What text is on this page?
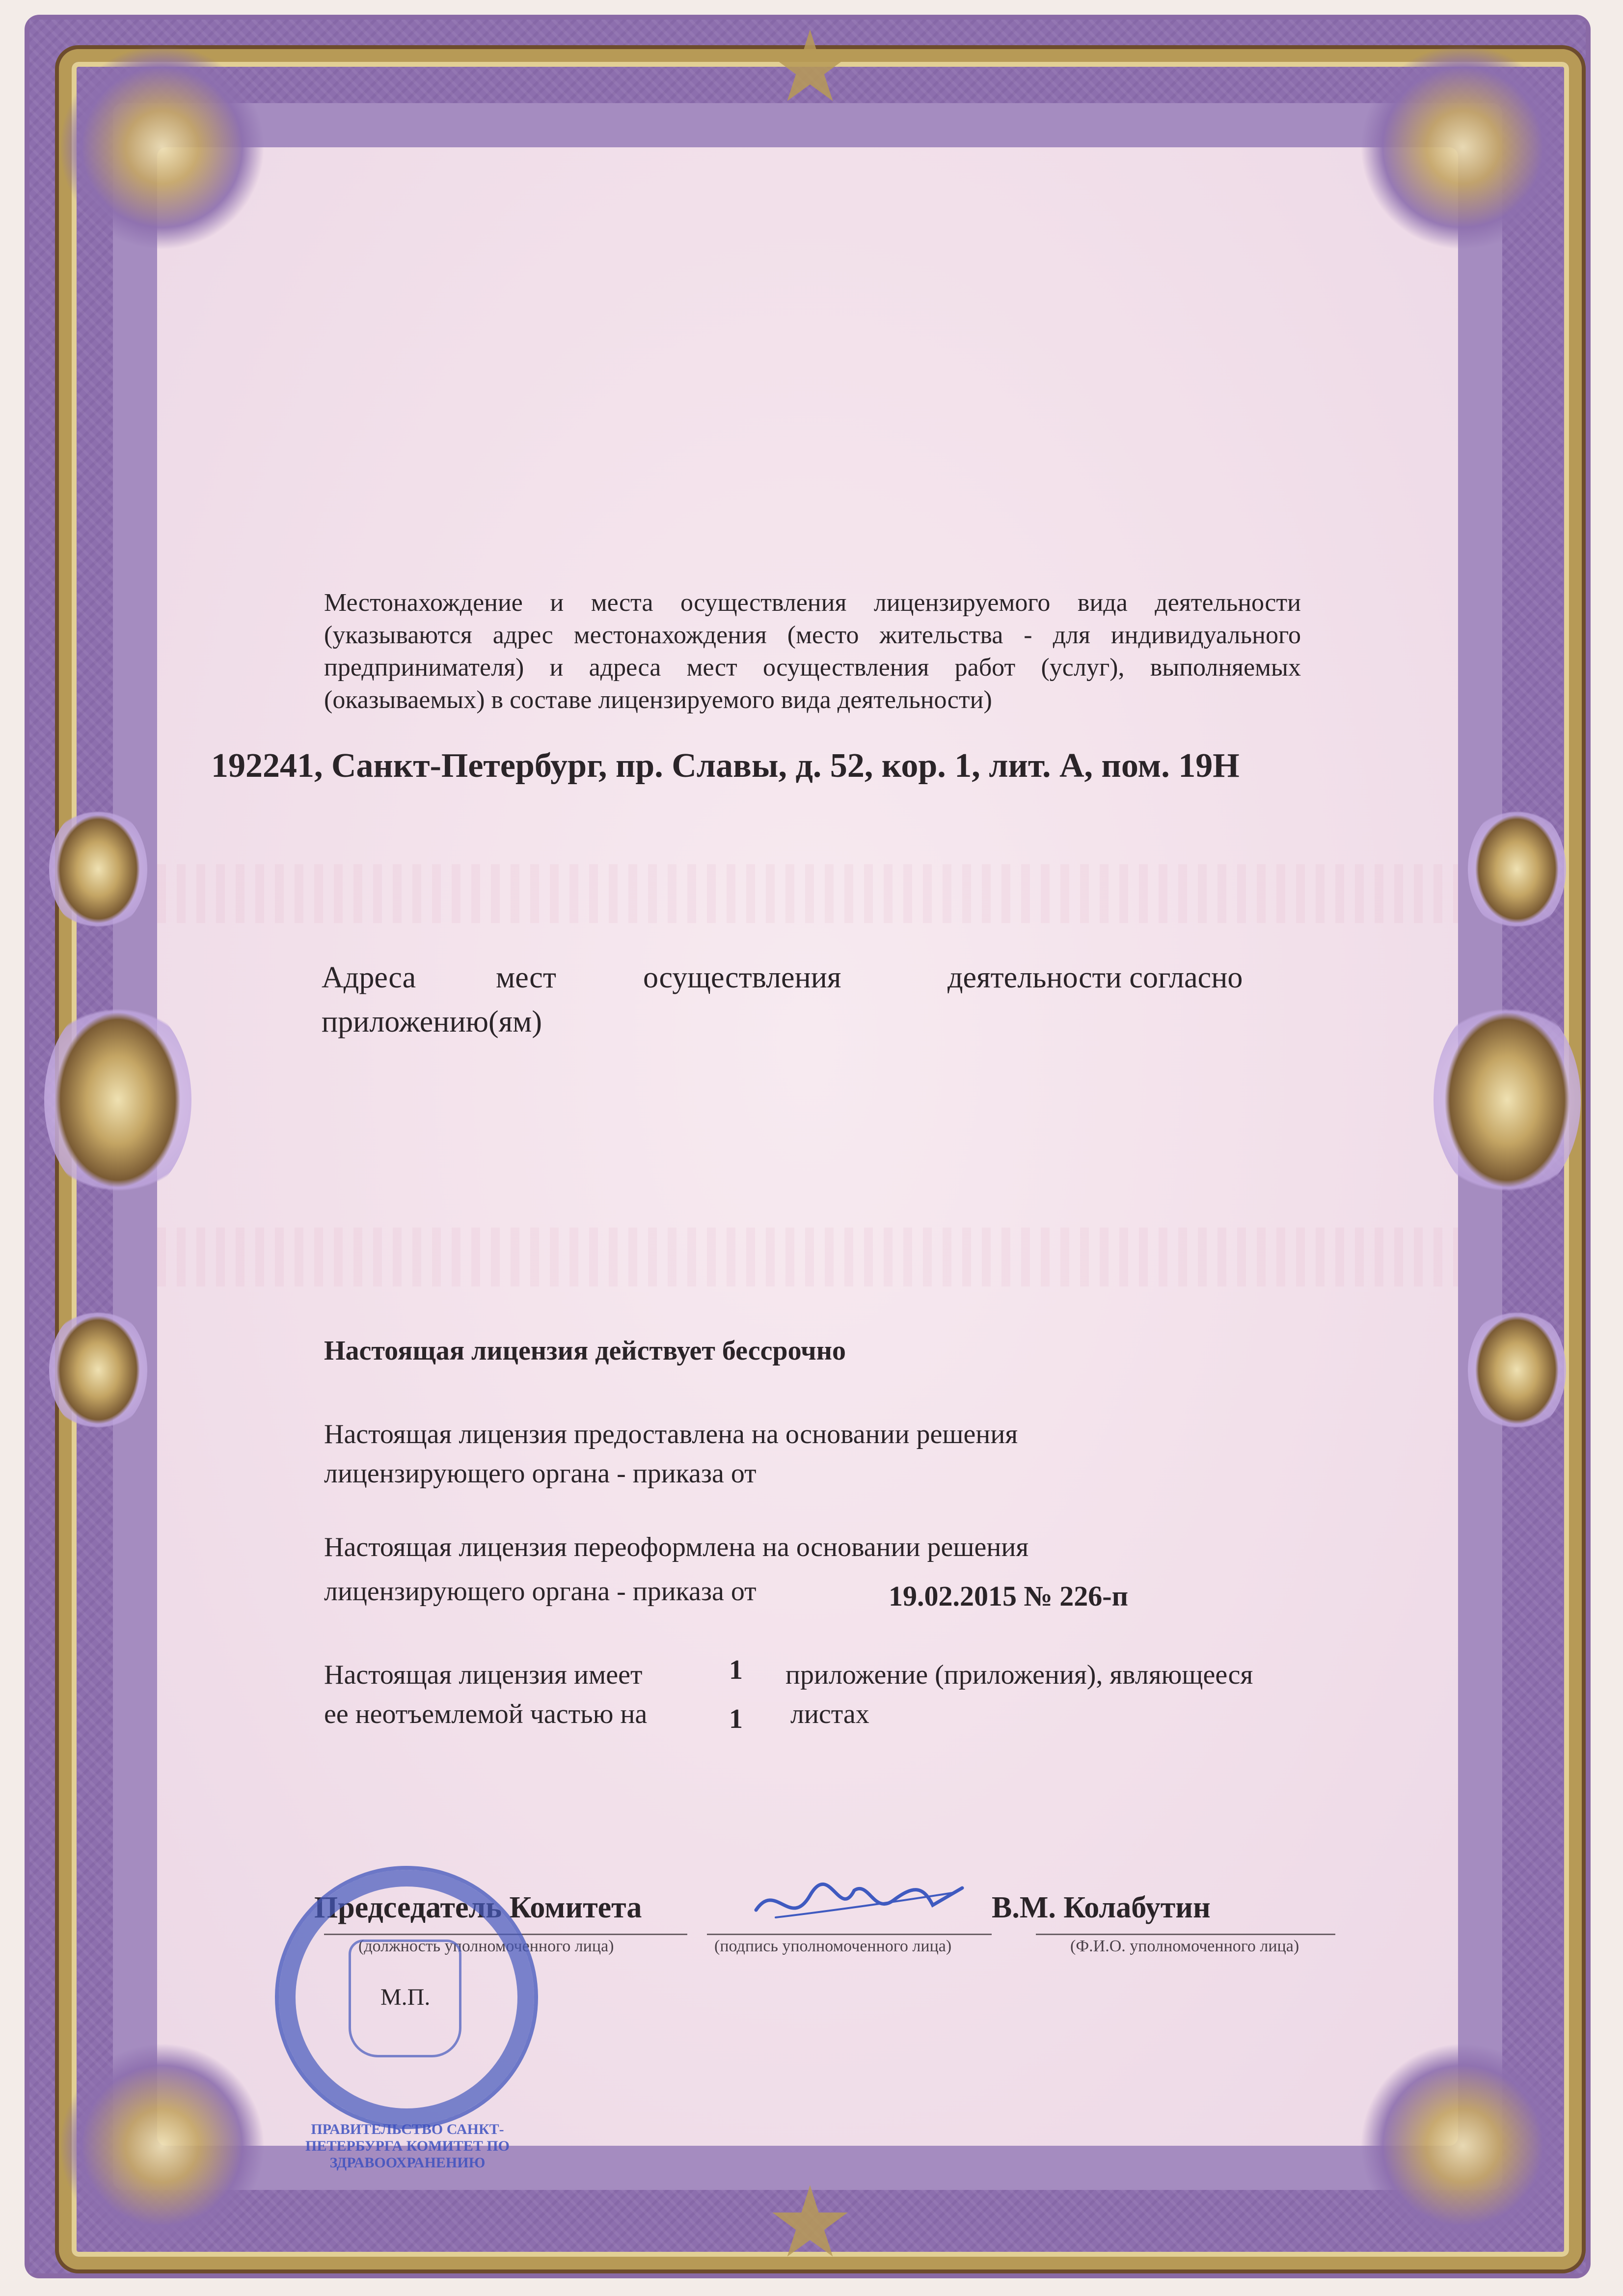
Местонахождение и места осуществления лицензируемого вида деятельности (указываются адрес местонахождения (место жительства - для индивидуального предпринимателя) и адреса мест осуществления работ (услуг), выполняемых (оказываемых) в составе лицензируемого вида деятельности)
192241, Санкт-Петербург, пр. Славы, д. 52, кор. 1, лит. А, пом. 19Н
Адреса	мест	осуществления	деятельности согласно
приложению(ям)
Настоящая лицензия действует бессрочно
Настоящая лицензия предоставлена на основании решения
лицензирующего органа - приказа от
Настоящая лицензия переоформлена на основании решения
лицензирующего органа - приказа от	19.02.2015 № 226-п
Настоящая лицензия имеет	1 приложение (приложения), являющееся
ее неотъемлемой частью на	1 листах
Председатель Комитета
(должность уполномоченного лица)	(подпись уполномоченного лица)
В.М. Колабутин
(Ф.И.О. уполномоченного лица)
М.П.
ПРАВИТЕЛЬСТВО САНКТ-ПЕТЕРБУРГА КОМИТЕТ ПО ЗДРАВООХРАНЕНИЮ
